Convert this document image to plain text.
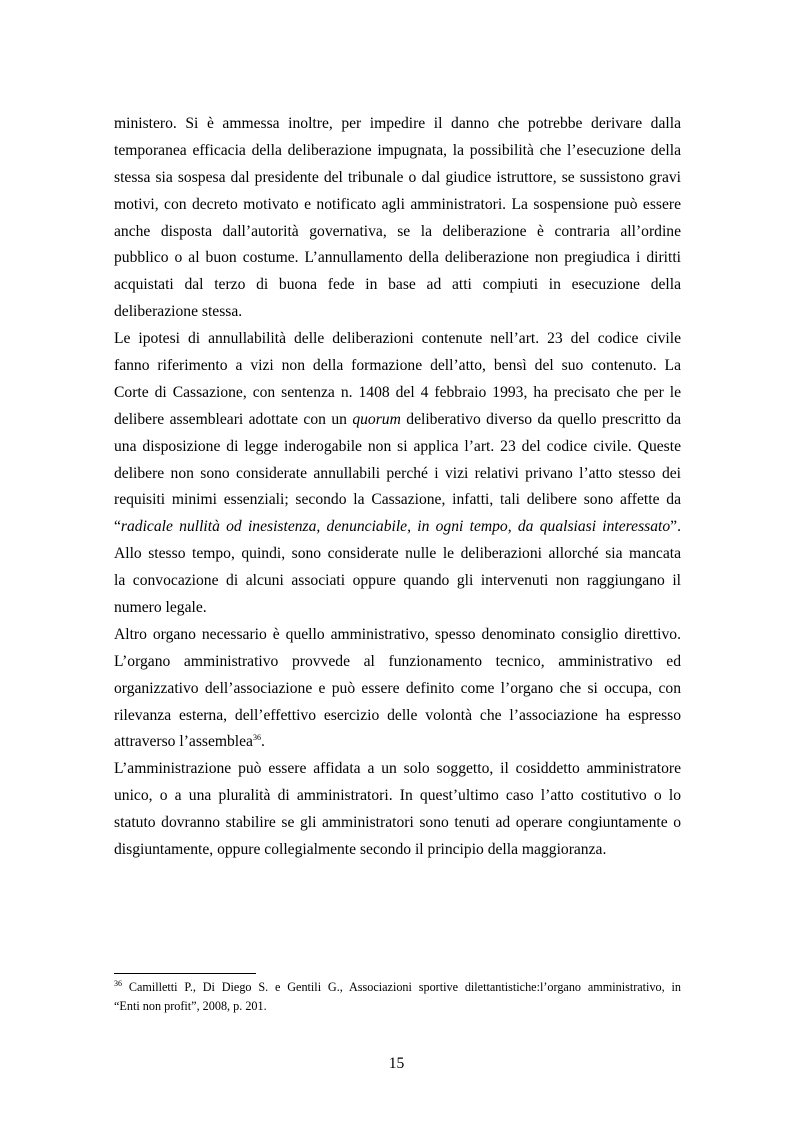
ministero. Si è ammessa inoltre, per impedire il danno che potrebbe derivare dalla
temporanea efficacia della deliberazione impugnata, la possibilità che l’esecuzione della
stessa sia sospesa dal presidente del tribunale o dal giudice istruttore, se sussistono gravi
motivi, con decreto motivato e notificato agli amministratori. La sospensione può essere
anche disposta dall’autorità governativa, se la deliberazione è contraria all’ordine
pubblico o al buon costume. L’annullamento della deliberazione non pregiudica i diritti
acquistati dal terzo di buona fede in base ad atti compiuti in esecuzione della
deliberazione stessa.
Le ipotesi di annullabilità delle deliberazioni contenute nell’art. 23 del codice civile
fanno riferimento a vizi non della formazione dell’atto, bensì del suo contenuto. La
Corte di Cassazione, con sentenza n. 1408 del 4 febbraio 1993, ha precisato che per le
delibere assembleari adottate con un quorum deliberativo diverso da quello prescritto da
una disposizione di legge inderogabile non si applica l’art. 23 del codice civile. Queste
delibere non sono considerate annullabili perché i vizi relativi privano l’atto stesso dei
requisiti minimi essenziali; secondo la Cassazione, infatti, tali delibere sono affette da
“radicale nullità od inesistenza, denunciabile, in ogni tempo, da qualsiasi interessato”.
Allo stesso tempo, quindi, sono considerate nulle le deliberazioni allorché sia mancata
la convocazione di alcuni associati oppure quando gli intervenuti non raggiungano il
numero legale.
Altro organo necessario è quello amministrativo, spesso denominato consiglio direttivo.
L’organo amministrativo provvede al funzionamento tecnico, amministrativo ed
organizzativo dell’associazione e può essere definito come l’organo che si occupa, con
rilevanza esterna, dell’effettivo esercizio delle volontà che l’associazione ha espresso
attraverso l’assemblea$^{36}$.
L’amministrazione può essere affidata a un solo soggetto, il cosiddetto amministratore
unico, o a una pluralità di amministratori. In quest’ultimo caso l’atto costitutivo o lo
statuto dovranno stabilire se gli amministratori sono tenuti ad operare congiuntamente o
disgiuntamente, oppure collegialmente secondo il principio della maggioranza.
$^{36}$ Camilletti P., Di Diego S. e Gentili G., Associazioni sportive dilettantistiche:l’organo amministrativo, in
“Enti non profit”, 2008, p. 201.
15
